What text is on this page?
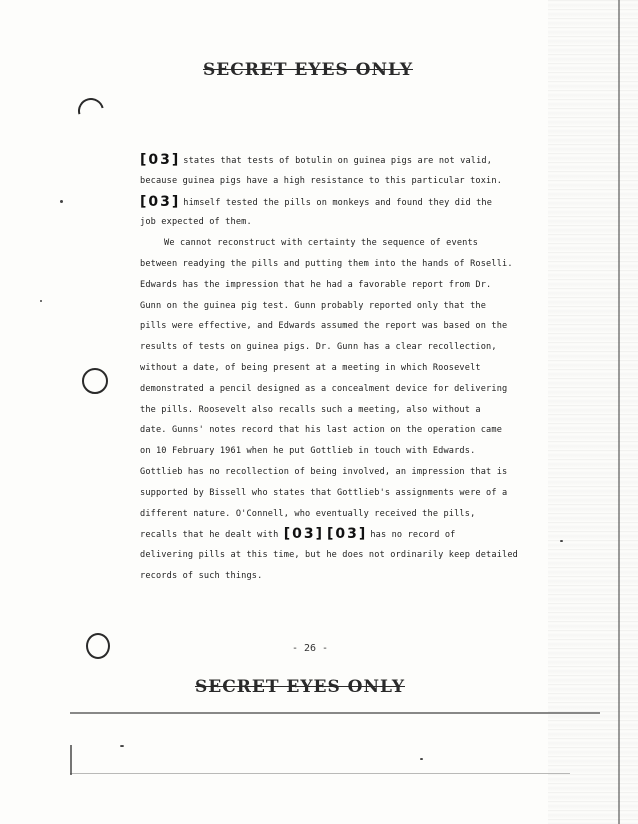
SECRET EYES ONLY
[03] states that tests of botulin on guinea pigs are not valid,
because guinea pigs have a high resistance to this particular toxin.
[03] himself tested the pills on monkeys and found they did the
job expected of them.
We cannot reconstruct with certainty the sequence of events
between readying the pills and putting them into the hands of Roselli.
Edwards has the impression that he had a favorable report from Dr.
Gunn on the guinea pig test. Gunn probably reported only that the
pills were effective, and Edwards assumed the report was based on the
results of tests on guinea pigs. Dr. Gunn has a clear recollection,
without a date, of being present at a meeting in which Roosevelt
demonstrated a pencil designed as a concealment device for delivering
the pills. Roosevelt also recalls such a meeting, also without a
date. Gunns' notes record that his last action on the operation came
on 10 February 1961 when he put Gottlieb in touch with Edwards.
Gottlieb has no recollection of being involved, an impression that is
supported by Bissell who states that Gottlieb's assignments were of a
different nature. O'Connell, who eventually received the pills,
recalls that he dealt with [03] [03] has no record of
delivering pills at this time, but he does not ordinarily keep detailed
records of such things.
- 26 -
SECRET EYES ONLY
